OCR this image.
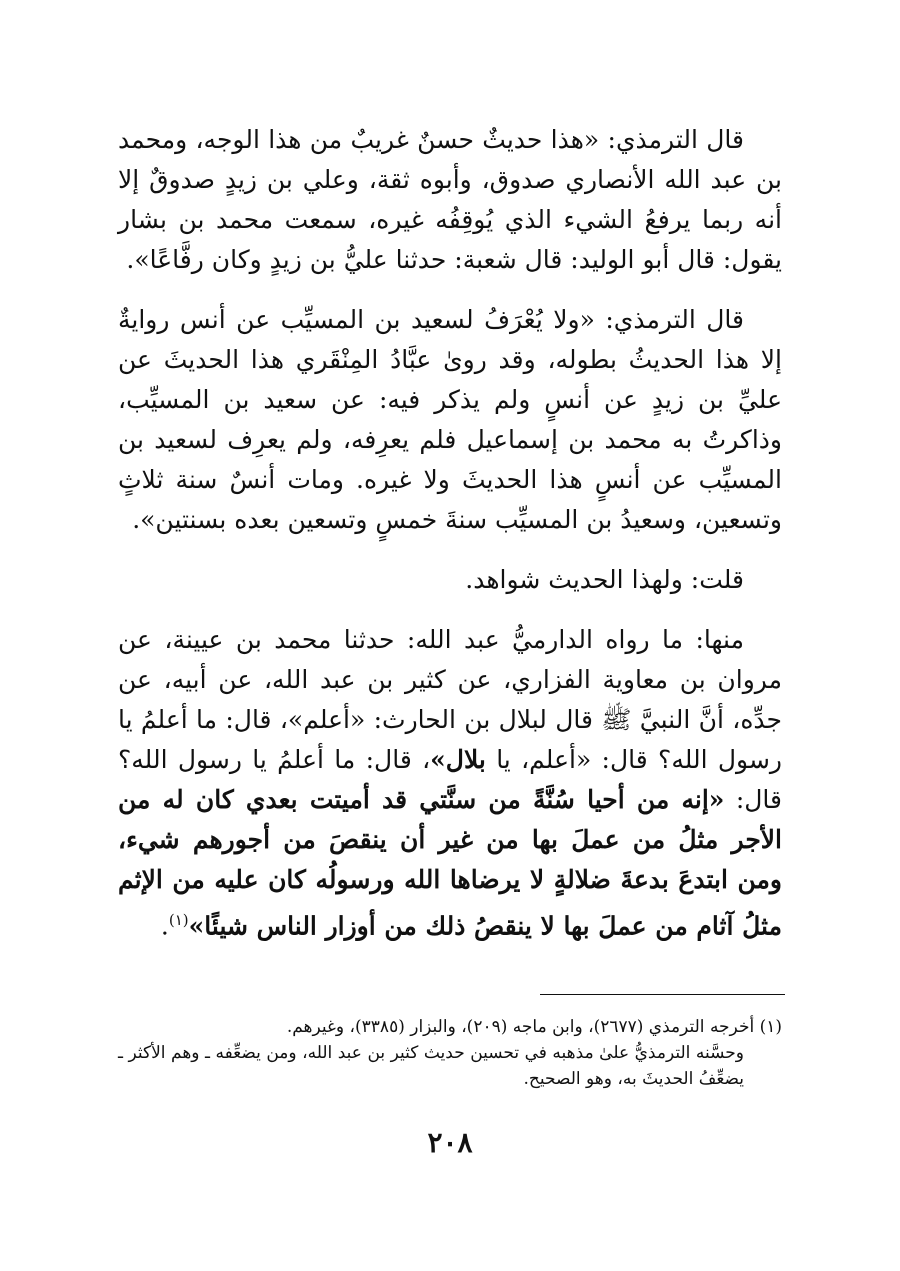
قال الترمذي: «هذا حديثٌ حسنٌ غريبٌ من هذا الوجه، ومحمد بن عبد الله الأنصاري صدوق، وأبوه ثقة، وعلي بن زيدٍ صدوقٌ إلا أنه ربما يرفعُ الشيء الذي يُوقِفُه غيره، سمعت محمد بن بشار يقول: قال أبو الوليد: قال شعبة: حدثنا عليُّ بن زيدٍ وكان رفَّاعًا».

قال الترمذي: «ولا يُعْرَفُ لسعيد بن المسيِّب عن أنس روايةٌ إلا هذا الحديثُ بطوله، وقد روىٰ عبَّادُ المِنْقَري هذا الحديثَ عن عليِّ بن زيدٍ عن أنسٍ ولم يذكر فيه: عن سعيد بن المسيِّب، وذاكرتُ به محمد بن إسماعيل فلم يعرِفه، ولم يعرِف لسعيد بن المسيِّب عن أنسٍ هذا الحديثَ ولا غيره. ومات أنسٌ سنة ثلاثٍ وتسعين، وسعيدُ بن المسيِّب سنةَ خمسٍ وتسعين بعده بسنتين».

قلت: ولهذا الحديث شواهد.

منها: ما رواه الدارميُّ عبد الله: حدثنا محمد بن عيينة، عن مروان بن معاوية الفزاري، عن كثير بن عبد الله، عن أبيه، عن جدِّه، أنَّ النبيَّ ﷺ قال لبلال بن الحارث: «أعلم»، قال: ما أعلمُ يا رسول الله؟ قال: «أعلم، يا بلال»، قال: ما أعلمُ يا رسول الله؟ قال: «إنه من أحيا سُنَّةً من سنَّتي قد أميتت بعدي كان له من الأجر مثلُ من عملَ بها من غير أن ينقصَ من أجورهم شيء، ومن ابتدعَ بدعةَ ضلالةٍ لا يرضاها الله ورسولُه كان عليه من الإثم مثلُ آثام من عملَ بها لا ينقصُ ذلك من أوزار الناس شيئًا»$^{(١)}$.

(١) أخرجه الترمذي (٢٦٧٧)، وابن ماجه (٢٠٩)، والبزار (٣٣٨٥)، وغيرهم.

وحسَّنه الترمذيُّ علىٰ مذهبه في تحسين حديث كثير بن عبد الله، ومن يضعِّفه ـ وهم الأكثر ـ يضعِّفُ الحديثَ به، وهو الصحيح.

٢٠٨
